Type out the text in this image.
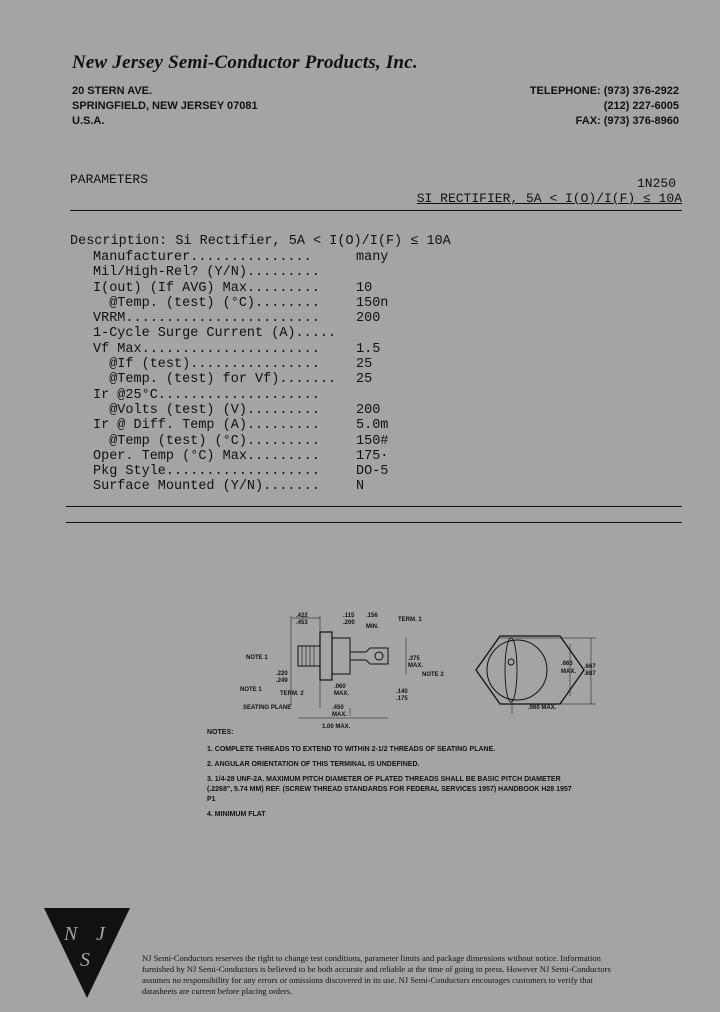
New Jersey Semi-Conductor Products, Inc.
20 STERN AVE.
SPRINGFIELD, NEW JERSEY 07081
U.S.A.
TELEPHONE: (973) 376-2922
(212) 227-6005
FAX: (973) 376-8960
PARAMETERS	1N250
SI RECTIFIER, 5A < I(O)/I(F) ≤ 10A
Description: Si Rectifier, 5A < I(O)/I(F) ≤ 10A
Manufacturer...............	many
Mil/High-Rel? (Y/N).........
I(out) (If AVG) Max.........	10
@Temp. (test) (°C)........	150n
VRRM........................	200
1-Cycle Surge Current (A).....
Vf Max......................	1.5
@If (test)................	25
@Temp. (test) for Vf)....... 25
Ir @25°C....................
@Volts (test) (V).........	200
Ir @ Diff. Temp (A).........	5.0m
@Temp (test) (°C).........	150#
Oper. Temp (°C) Max.........	175·
Pkg Style...................	DO-5
Surface Mounted (Y/N).......	N
.422
.453
.115
.200
.156
MIN.
TERM. 1
NOTE 1
.220
.249
.375
MAX.
NOTE 2
NOTE 1
TERM. 2
.060
MAX.	.140
.175
SEATING PLANE	.450
MAX.
1.00 MAX.
.663
MAX.
.667
.687
.060 MAX.
NOTES:
1. COMPLETE THREADS TO EXTEND TO WITHIN 2-1/2 THREADS OF SEATING PLANE.
2. ANGULAR ORIENTATION OF THIS TERMINAL IS UNDEFINED.
3. 1/4-28 UNF-2A. MAXIMUM PITCH DIAMETER OF PLATED THREADS SHALL BE BASIC PITCH DIAMETER (.2268", 5.74 MM) REF. (SCREW THREAD STANDARDS FOR FEDERAL SERVICES 1957) HANDBOOK H28 1957 P1
4. MINIMUM FLAT
N J
S	NJ Semi-Conductors reserves the right to change test conditions, parameter limits and package dimensions without notice. Information furnished by NJ Semi-Conductors is believed to be both accurate and reliable at the time of going to press. However NJ Semi-Conductors assumes no responsibility for any errors or omissions discovered in its use. NJ Semi-Conductors encourages customers to verify that datasheets are current before placing orders.
